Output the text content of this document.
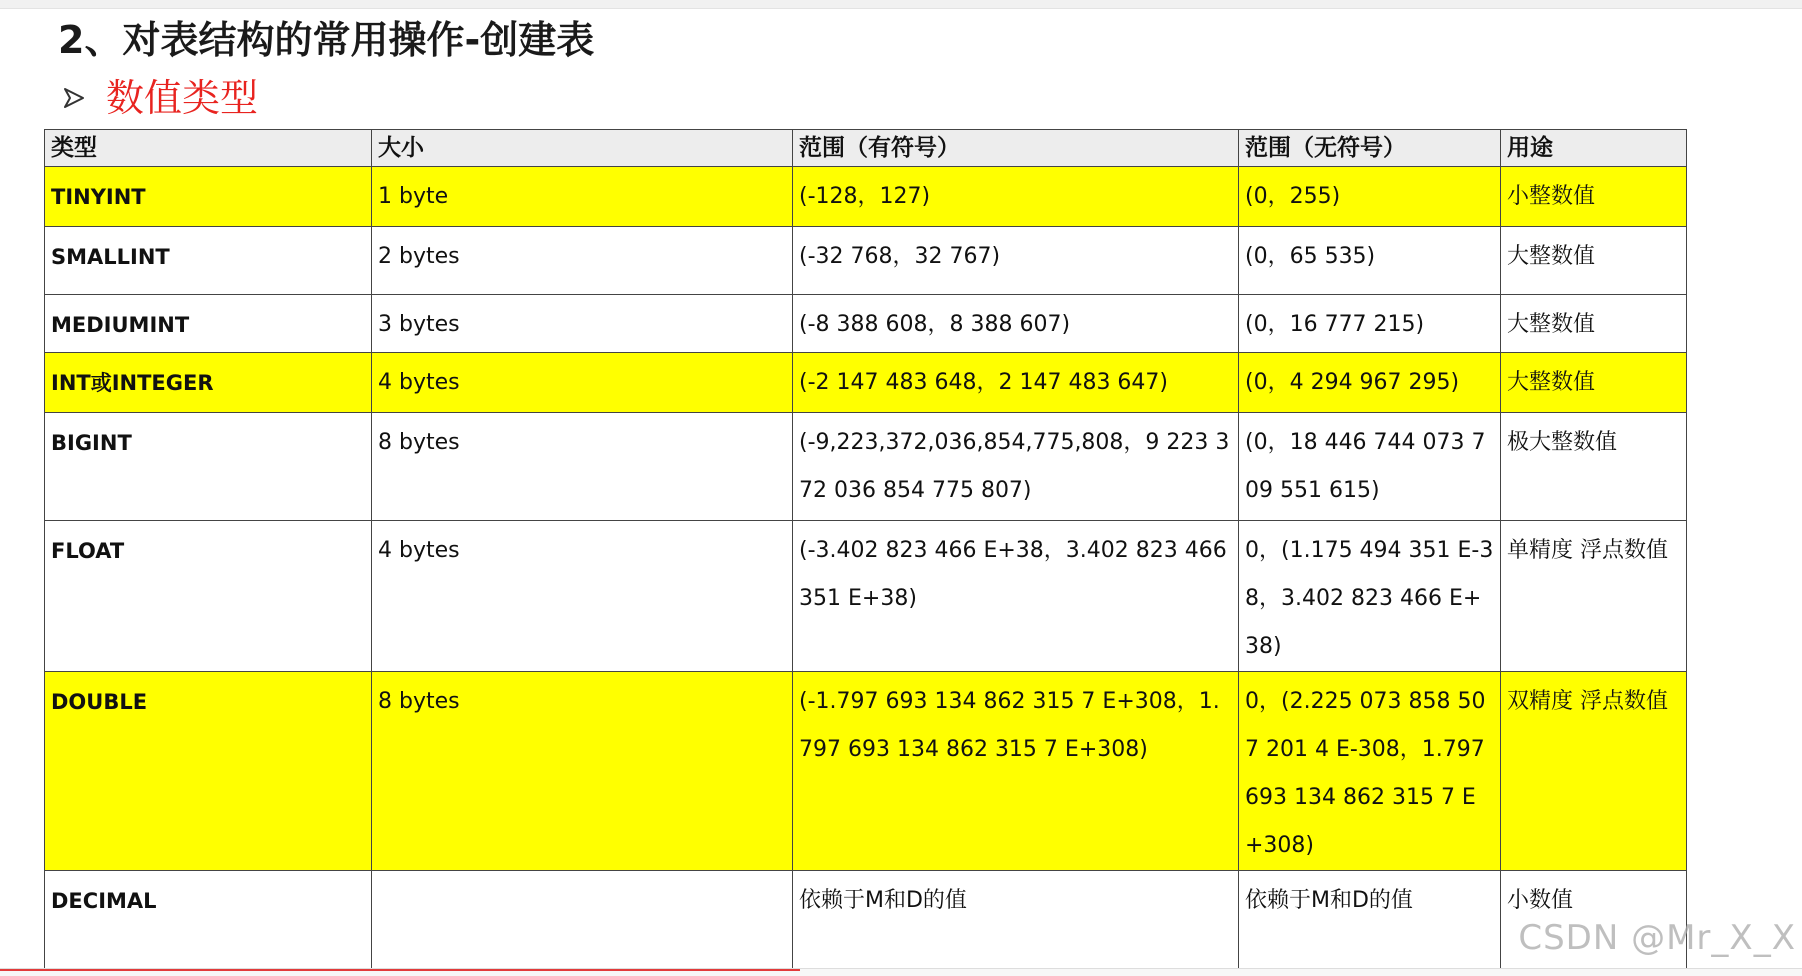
2、对表结构的常用操作-创建表
数值类型
类型	大小	范围（有符号）	范围（无符号）	用途

TINYINT	1 byte	(-128，127)	(0，255)	小整数值

SMALLINT	2 bytes	(-32 768，32 767)	(0，65 535)	大整数值

MEDIUMINT	3 bytes	(-8 388 608，8 388 607)	(0，16 777 215)	大整数值

INT或INTEGER	4 bytes	(-2 147 483 648，2 147 483 647)	(0，4 294 967 295)	大整数值

BIGINT	8 bytes	(-9,223,372,036,854,775,808，9 223 372 036 854 775 807)	(0，18 446 744 073 709 551 615)	极大整数值

FLOAT	4 bytes	(-3.402 823 466 E+38，3.402 823 466 351 E+38)	0，(1.175 494 351 E-38，3.402 823 466 E+38)	单精度 浮点数值

DOUBLE	8 bytes	(-1.797 693 134 862 315 7 E+308，1.797 693 134 862 315 7 E+308)	0，(2.225 073 858 507 201 4 E-308，1.797 693 134 862 315 7 E+308)	双精度 浮点数值

DECIMAL		依赖于M和D的值	依赖于M和D的值	小数值
CSDN @Mr_X_X
